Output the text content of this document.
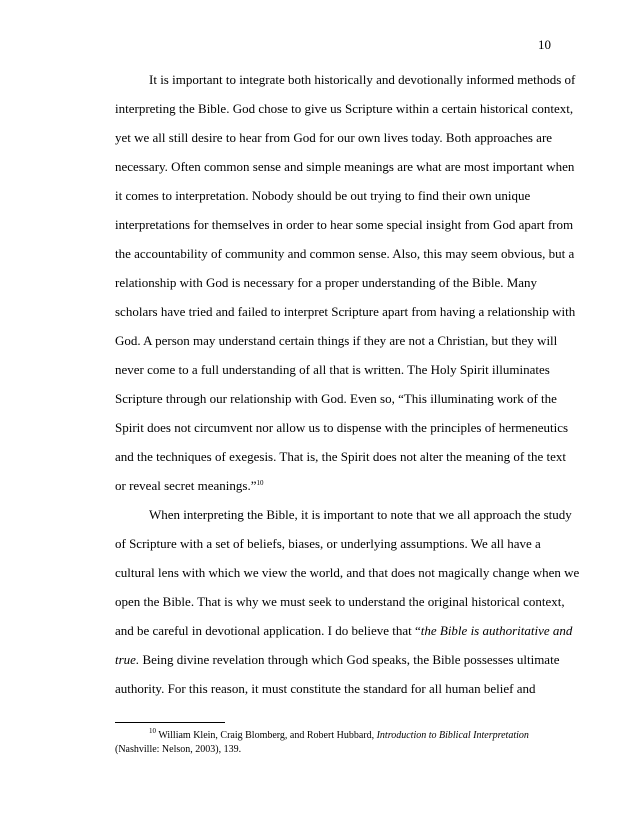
10
It is important to integrate both historically and devotionally informed methods of
interpreting the Bible. God chose to give us Scripture within a certain historical context,
yet we all still desire to hear from God for our own lives today. Both approaches are
necessary. Often common sense and simple meanings are what are most important when
it comes to interpretation. Nobody should be out trying to find their own unique
interpretations for themselves in order to hear some special insight from God apart from
the accountability of community and common sense. Also, this may seem obvious, but a
relationship with God is necessary for a proper understanding of the Bible. Many
scholars have tried and failed to interpret Scripture apart from having a relationship with
God. A person may understand certain things if they are not a Christian, but they will
never come to a full understanding of all that is written. The Holy Spirit illuminates
Scripture through our relationship with God. Even so, “This illuminating work of the
Spirit does not circumvent nor allow us to dispense with the principles of hermeneutics
and the techniques of exegesis. That is, the Spirit does not alter the meaning of the text
or reveal secret meanings.”$^{10}$
When interpreting the Bible, it is important to note that we all approach the study
of Scripture with a set of beliefs, biases, or underlying assumptions. We all have a
cultural lens with which we view the world, and that does not magically change when we
open the Bible. That is why we must seek to understand the original historical context,
and be careful in devotional application. I do believe that “the Bible is authoritative and
true. Being divine revelation through which God speaks, the Bible possesses ultimate
authority. For this reason, it must constitute the standard for all human belief and
$^{10}$ William Klein, Craig Blomberg, and Robert Hubbard, Introduction to Biblical Interpretation
(Nashville: Nelson, 2003), 139.
